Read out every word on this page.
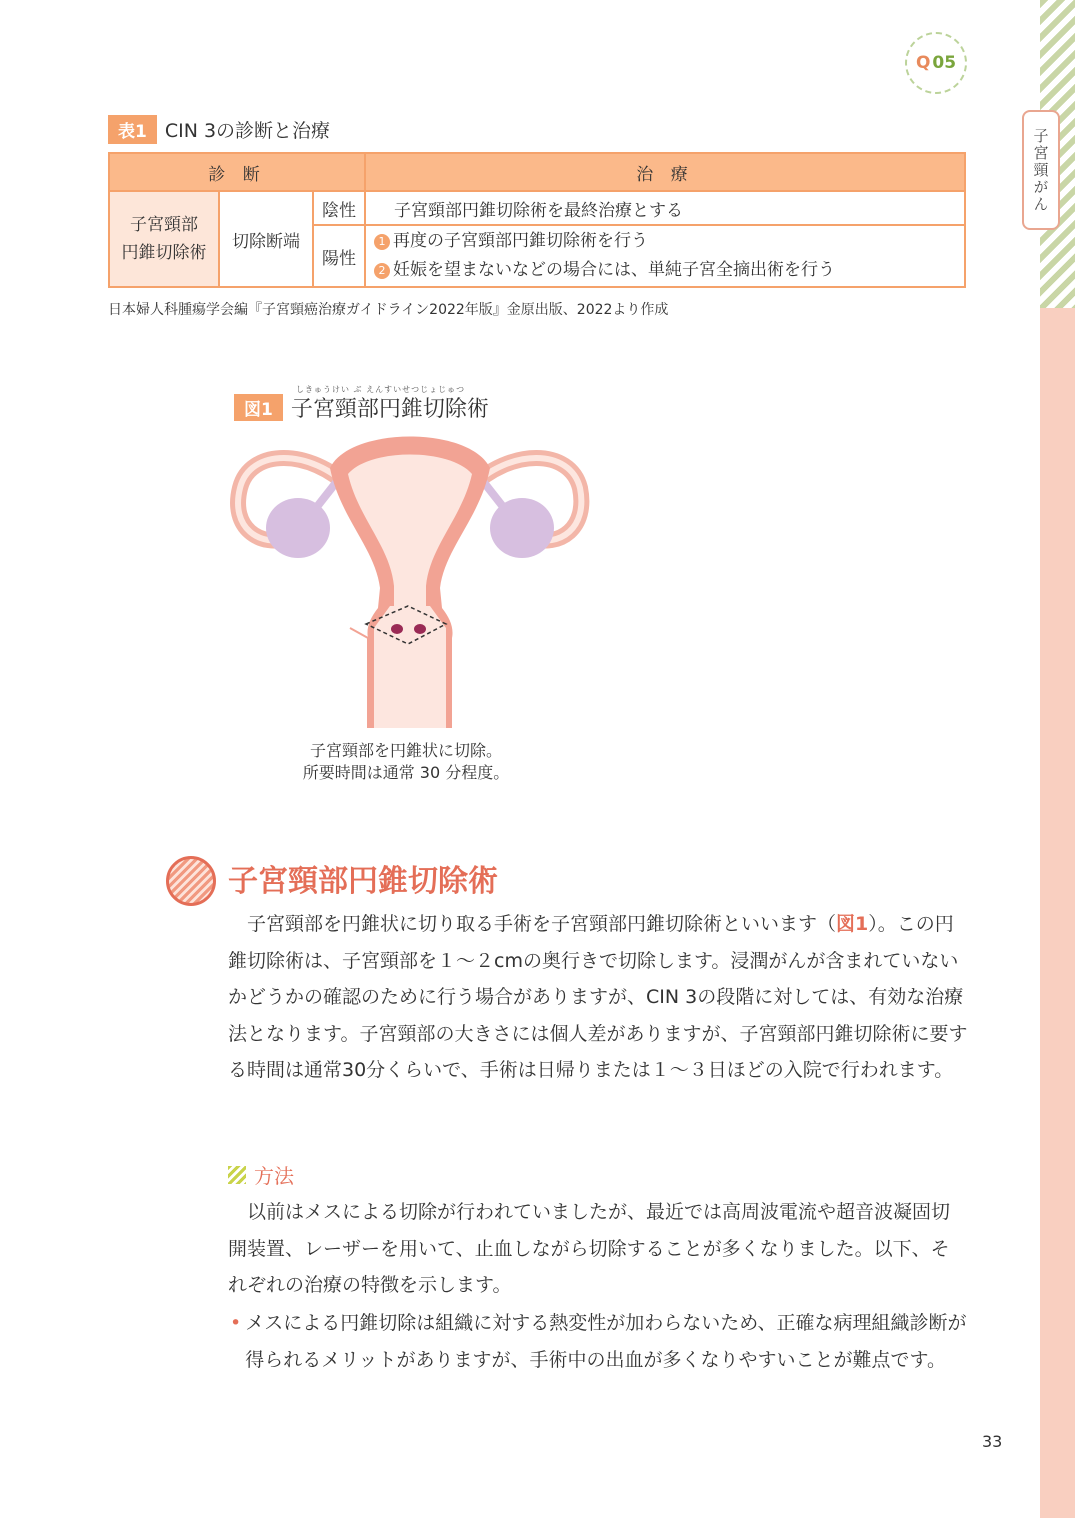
子宮頸がん
Q 05
表1 CIN 3の診断と治療
診 断			治 療

子宮頸部
円錐切除術	切除断端	陰性	子宮頸部円錐切除術を最終治療とする
		陽性	1 再度の子宮頸部円錐切除術を行う
2 妊娠を望まないなどの場合には、単純子宮全摘出術を行う
日本婦人科腫瘍学会編『子宮頸癌治療ガイドライン2022年版』金原出版、2022より作成
しきゅうけい ぶ えんすいせつじょじゅつ
図1 子宮頸部円錐切除術
子宮頸部を円錐状に切除。
所要時間は通常 30 分程度。
子宮頸部円錐切除術
　子宮頸部を円錐状に切り取る手術を子宮頸部円錐切除術といいます（図1）。この円錐切除術は、子宮頸部を１～２cmの奥行きで切除します。浸潤がんが含まれていないかどうかの確認のために行う場合がありますが、CIN 3の段階に対しては、有効な治療法となります。子宮頸部の大きさには個人差がありますが、子宮頸部円錐切除術に要する時間は通常30分くらいで、手術は日帰りまたは１～３日ほどの入院で行われます。
方法
　以前はメスによる切除が行われていましたが、最近では高周波電流や超音波凝固切開装置、レーザーを用いて、止血しながら切除することが多くなりました。以下、それぞれの治療の特徴を示します。
• メスによる円錐切除は組織に対する熱変性が加わらないため、正確な病理組織診断が得られるメリットがありますが、手術中の出血が多くなりやすいことが難点です。
33
